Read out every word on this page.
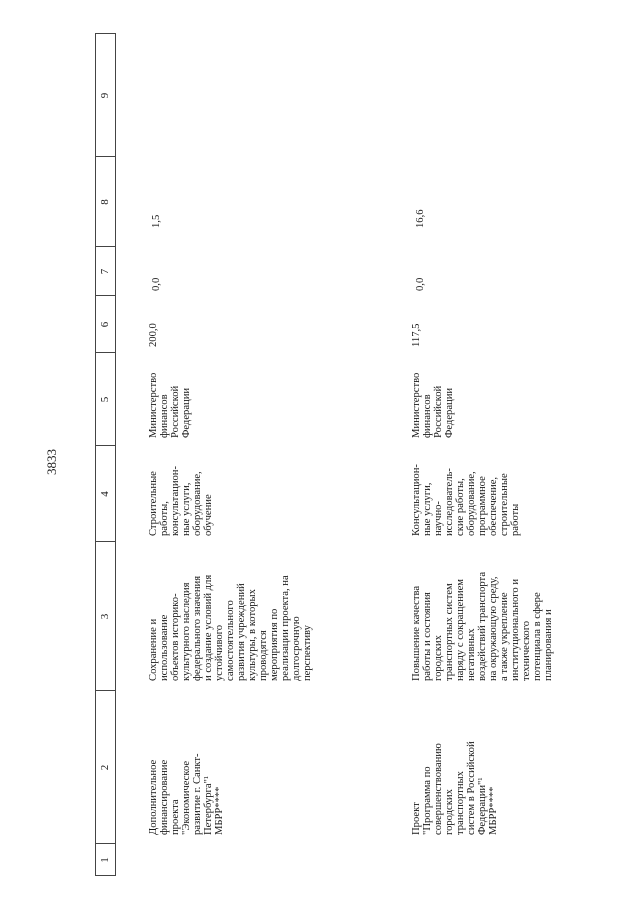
3833
1
2
3
4
5
6
7
8
9
Дополнительное
финансирование
проекта
"Экономическое
развитие г. Санкт-
Петербурга"¹
МБРР****
Сохранение и
использование
объектов историко-
культурного наследия
федерального значения
и создание условий для
устойчивого
самостоятельного
развития учреждений
культуры, в которых
проводятся
мероприятия по
реализации проекта, на
долгосрочную
перспективу
Строительные
работы,
консультацион-
ные услуги,
оборудование,
обучение
Министерство
финансов
Российской
Федерации
200,0
0,0
1,5
Проект
"Программа по
совершенствованию
городских
транспортных
систем в Российской
Федерации"¹
МБРР****
Повышение качества
работы и состояния
городских
транспортных систем
наряду с сокращением
негативных
воздействий транспорта
на окружающую среду,
а также укрепление
институционального и
технического
потенциала в сфере
планирования и
Консультацион-
ные услуги,
научно-
исследователь-
ские работы,
оборудование,
программное
обеспечение,
строительные
работы
Министерство
финансов
Российской
Федерации
117,5
0,0
16,6
